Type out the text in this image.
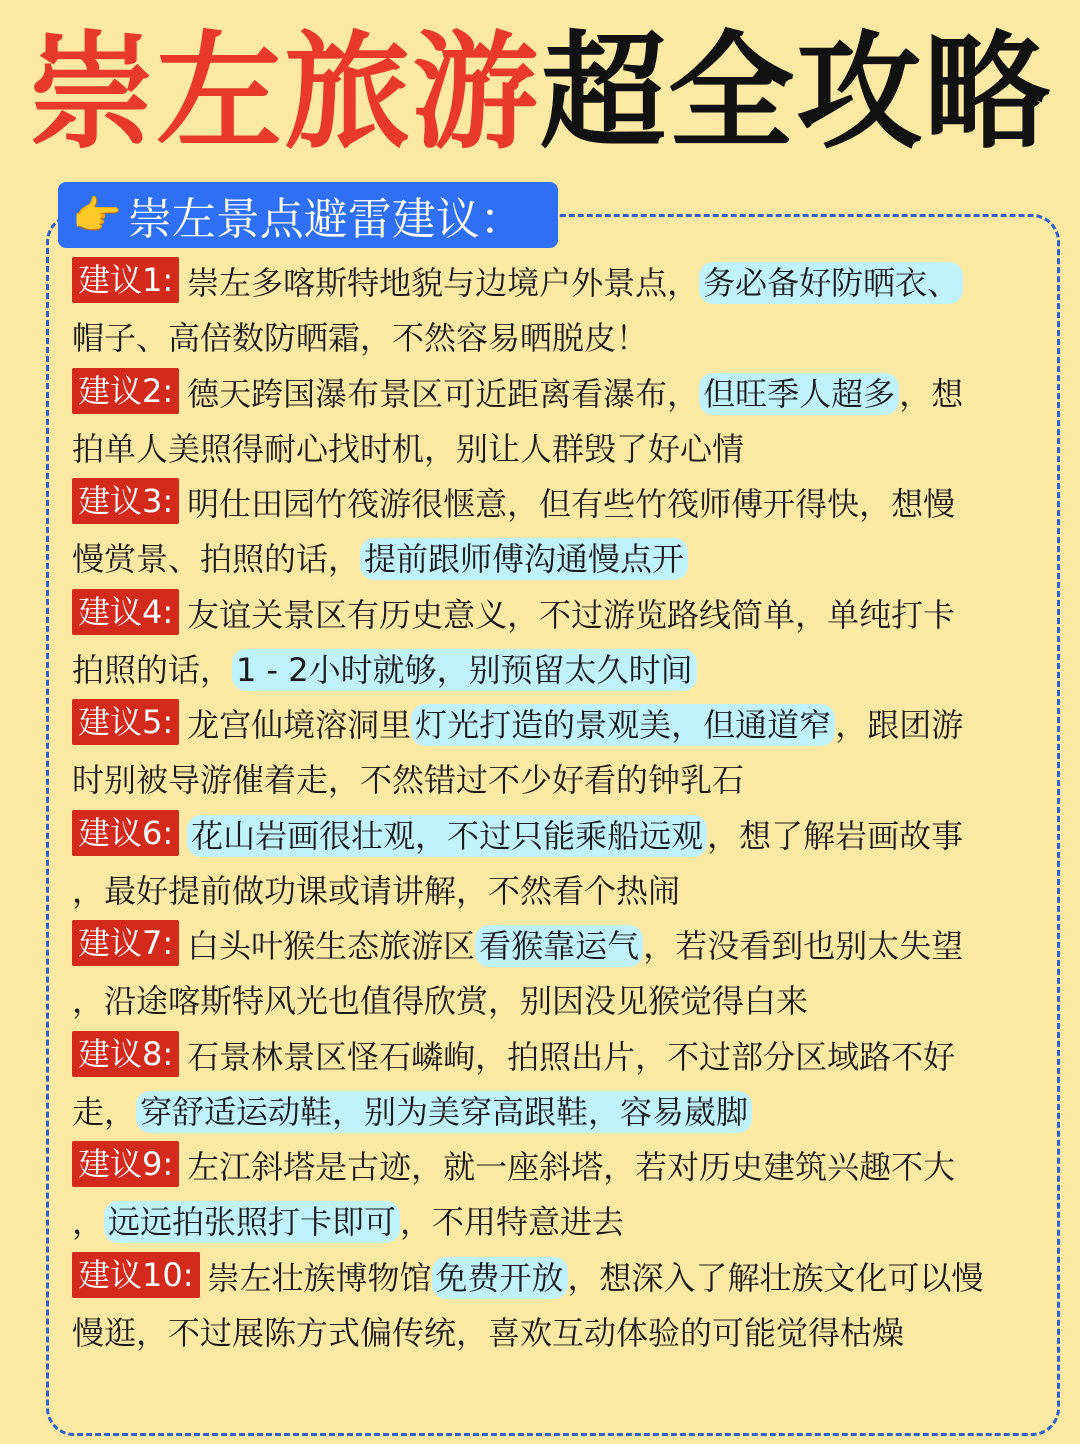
崇左旅游超全攻略
👉 崇左景点避雷建议：
建议1: 崇左多喀斯特地貌与边境户外景点， 务必备好防晒衣、
帽子、高倍数防晒霜，不然容易晒脱皮！
建议2: 德天跨国瀑布景区可近距离看瀑布， 但旺季人超多 ，想
拍单人美照得耐心找时机，别让人群毁了好心情
建议3: 明仕田园竹筏游很惬意，但有些竹筏师傅开得快，想慢
慢赏景、拍照的话， 提前跟师傅沟通慢点开
建议4: 友谊关景区有历史意义，不过游览路线简单，单纯打卡
拍照的话， 1 - 2小时就够，别预留太久时间
建议5: 龙宫仙境溶洞里 灯光打造的景观美，但通道窄 ，跟团游
时别被导游催着走，不然错过不少好看的钟乳石
建议6: 花山岩画很壮观，不过只能乘船远观 ，想了解岩画故事
，最好提前做功课或请讲解，不然看个热闹
建议7: 白头叶猴生态旅游区 看猴靠运气 ，若没看到也别太失望
，沿途喀斯特风光也值得欣赏，别因没见猴觉得白来
建议8: 石景林景区怪石嶙峋，拍照出片，不过部分区域路不好
走， 穿舒适运动鞋，别为美穿高跟鞋，容易崴脚
建议9: 左江斜塔是古迹，就一座斜塔，若对历史建筑兴趣不大
， 远远拍张照打卡即可 ，不用特意进去
建议10: 崇左壮族博物馆 免费开放 ，想深入了解壮族文化可以慢
慢逛，不过展陈方式偏传统，喜欢互动体验的可能觉得枯燥
